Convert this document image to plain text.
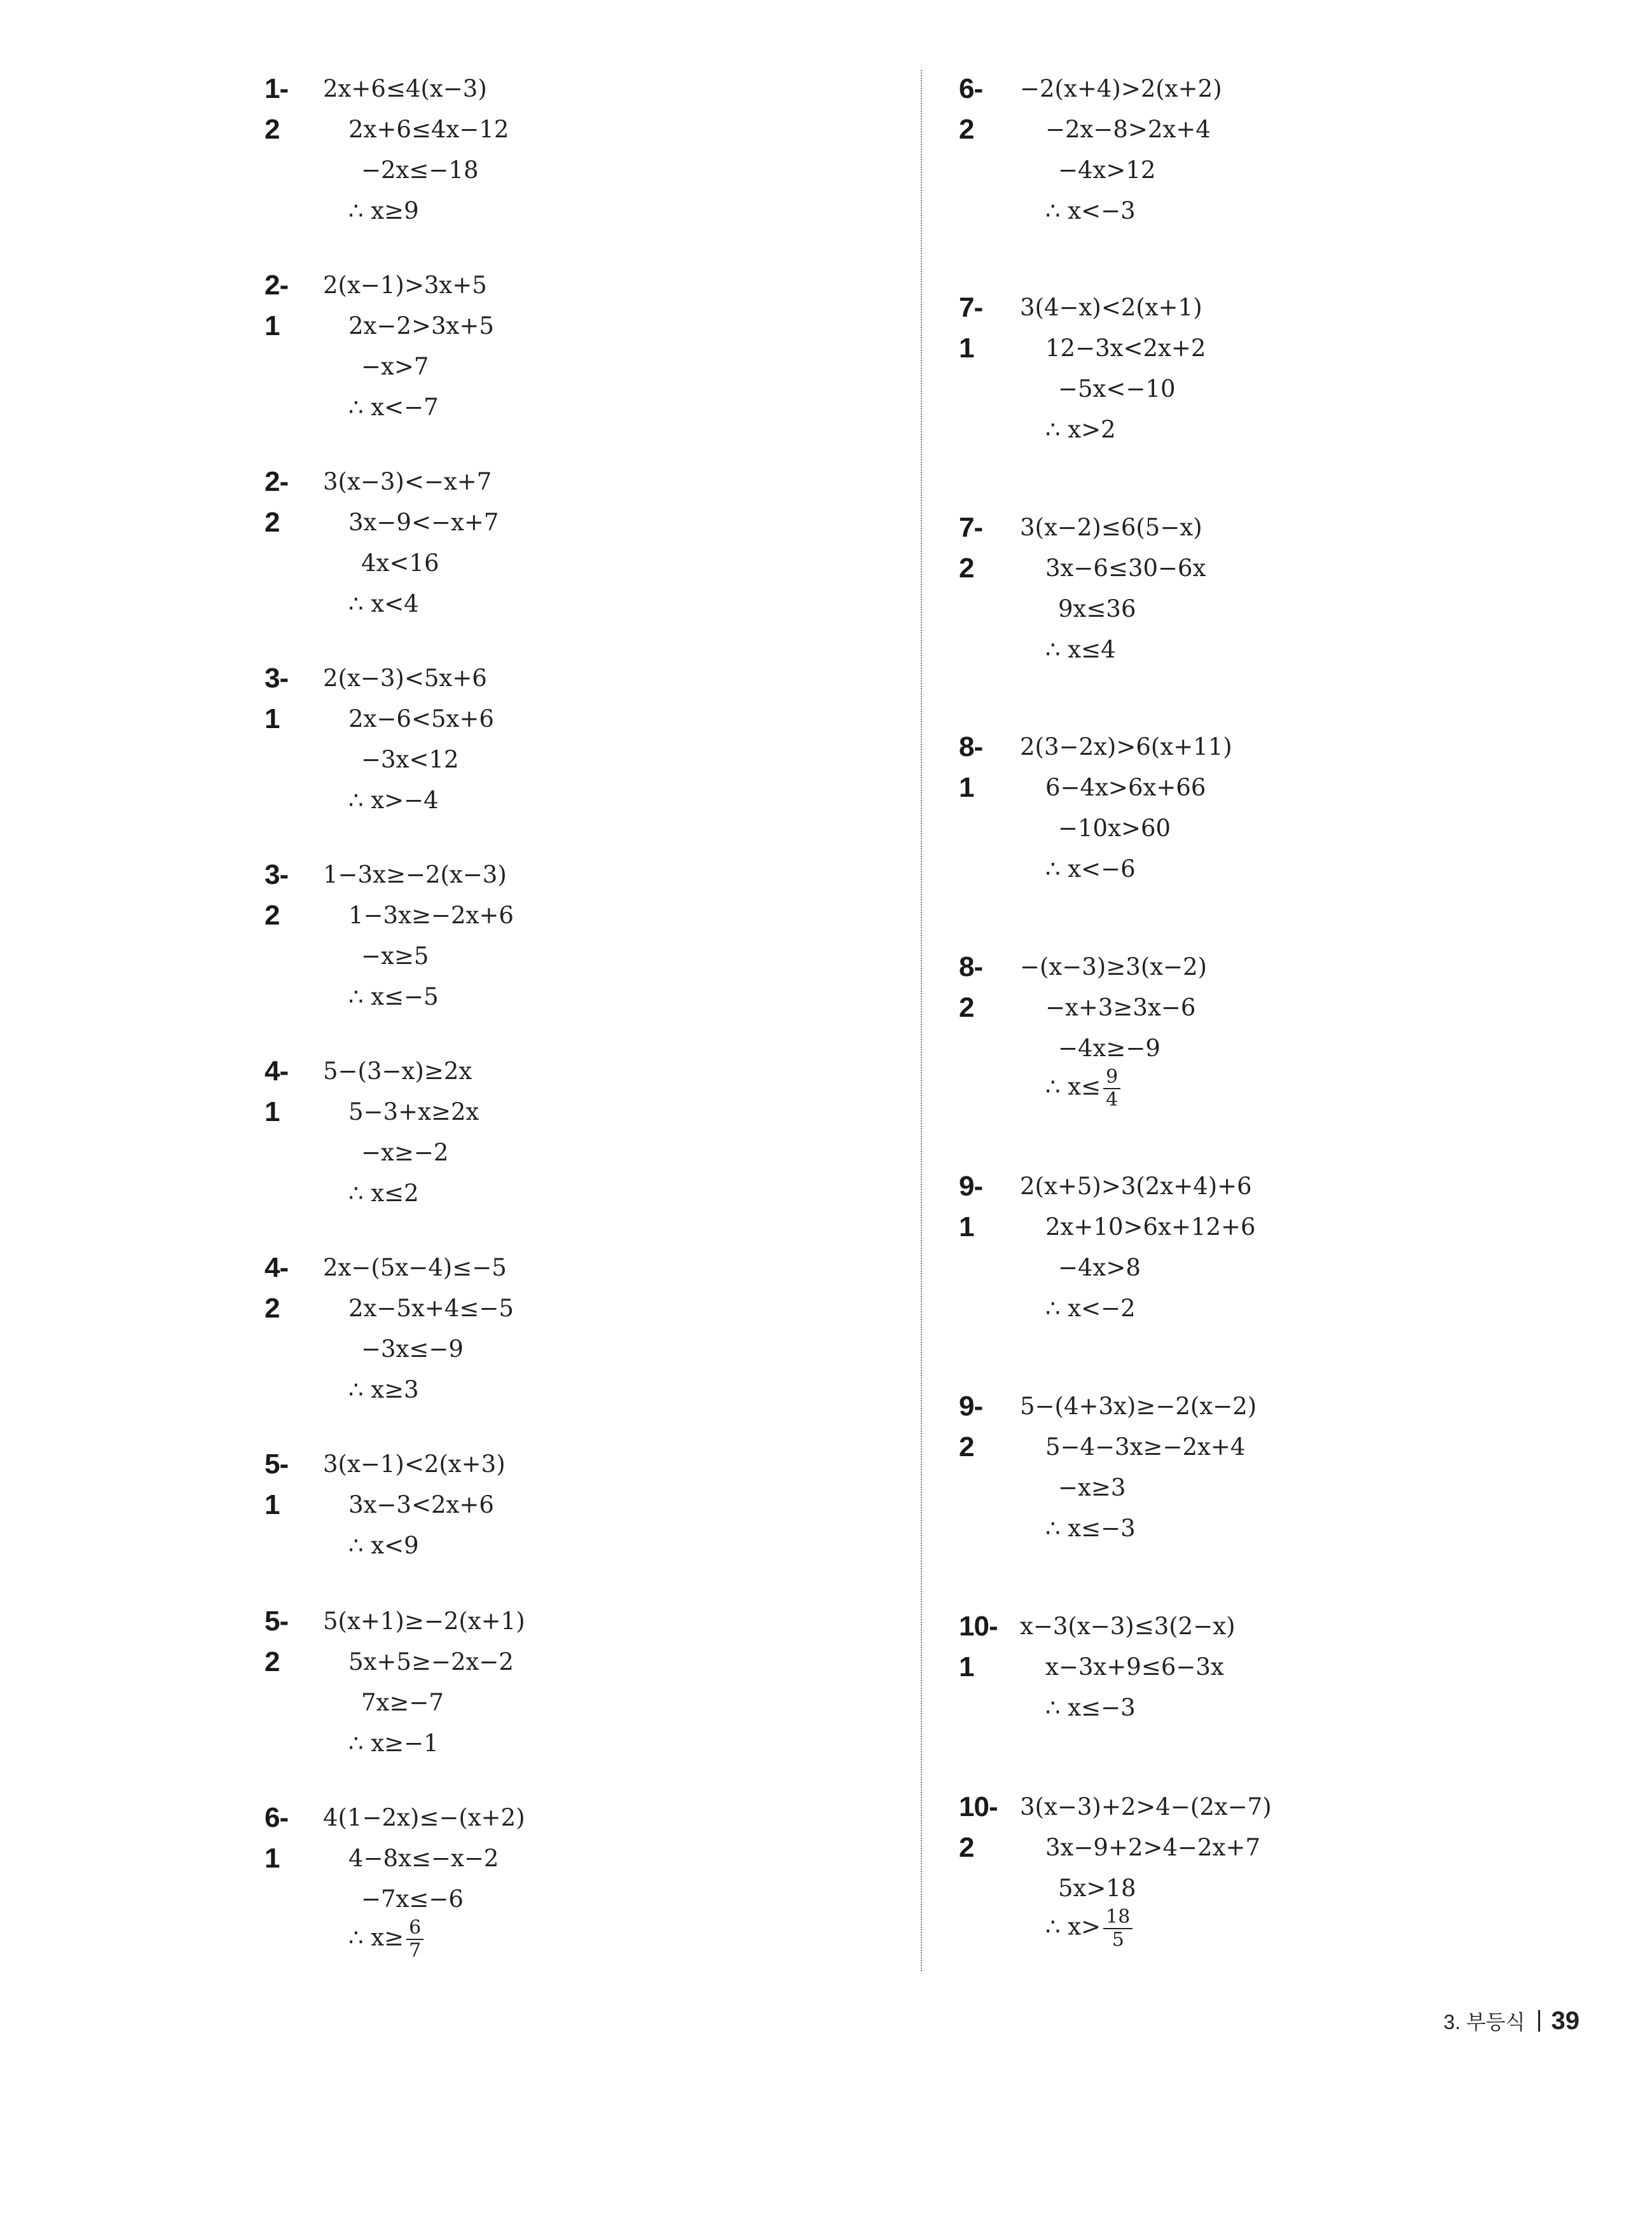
1-2
2x+6≤4(x−3)
2x+6≤4x−12
−2x≤−18
∴ x≥9
2-1
2(x−1)>3x+5
2x−2>3x+5
−x>7
∴ x<−7
2-2
3(x−3)<−x+7
3x−9<−x+7
4x<16
∴ x<4
3-1
2(x−3)<5x+6
2x−6<5x+6
−3x<12
∴ x>−4
3-2
1−3x≥−2(x−3)
1−3x≥−2x+6
−x≥5
∴ x≤−5
4-1
5−(3−x)≥2x
5−3+x≥2x
−x≥−2
∴ x≤2
4-2
2x−(5x−4)≤−5
2x−5x+4≤−5
−3x≤−9
∴ x≥3
5-1
3(x−1)<2(x+3)
3x−3<2x+6
∴ x<9
5-2
5(x+1)≥−2(x+1)
5x+5≥−2x−2
7x≥−7
∴ x≥−1
6-1
4(1−2x)≤−(x+2)
4−8x≤−x−2
−7x≤−6
∴ $x\ge \frac{6}{7}$
6-2
−2(x+4)>2(x+2)
−2x−8>2x+4
−4x>12
∴ x<−3
7-1
3(4−x)<2(x+1)
12−3x<2x+2
−5x<−10
∴ x>2
7-2
3(x−2)≤6(5−x)
3x−6≤30−6x
9x≤36
∴ x≤4
8-1
2(3−2x)>6(x+11)
6−4x>6x+66
−10x>60
∴ x<−6
8-2
−(x−3)≥3(x−2)
−x+3≥3x−6
−4x≥−9
∴ $x\le \frac{9}{4}$
9-1
2(x+5)>3(2x+4)+6
2x+10>6x+12+6
−4x>8
∴ x<−2
9-2
5−(4+3x)≥−2(x−2)
5−4−3x≥−2x+4
−x≥3
∴ x≤−3
10-1
x−3(x−3)≤3(2−x)
x−3x+9≤6−3x
∴ x≤−3
10-2
3(x−3)+2>4−(2x−7)
3x−9+2>4−2x+7
5x>18
∴ $x> \frac{18}{5}$
3. 부등식 39
